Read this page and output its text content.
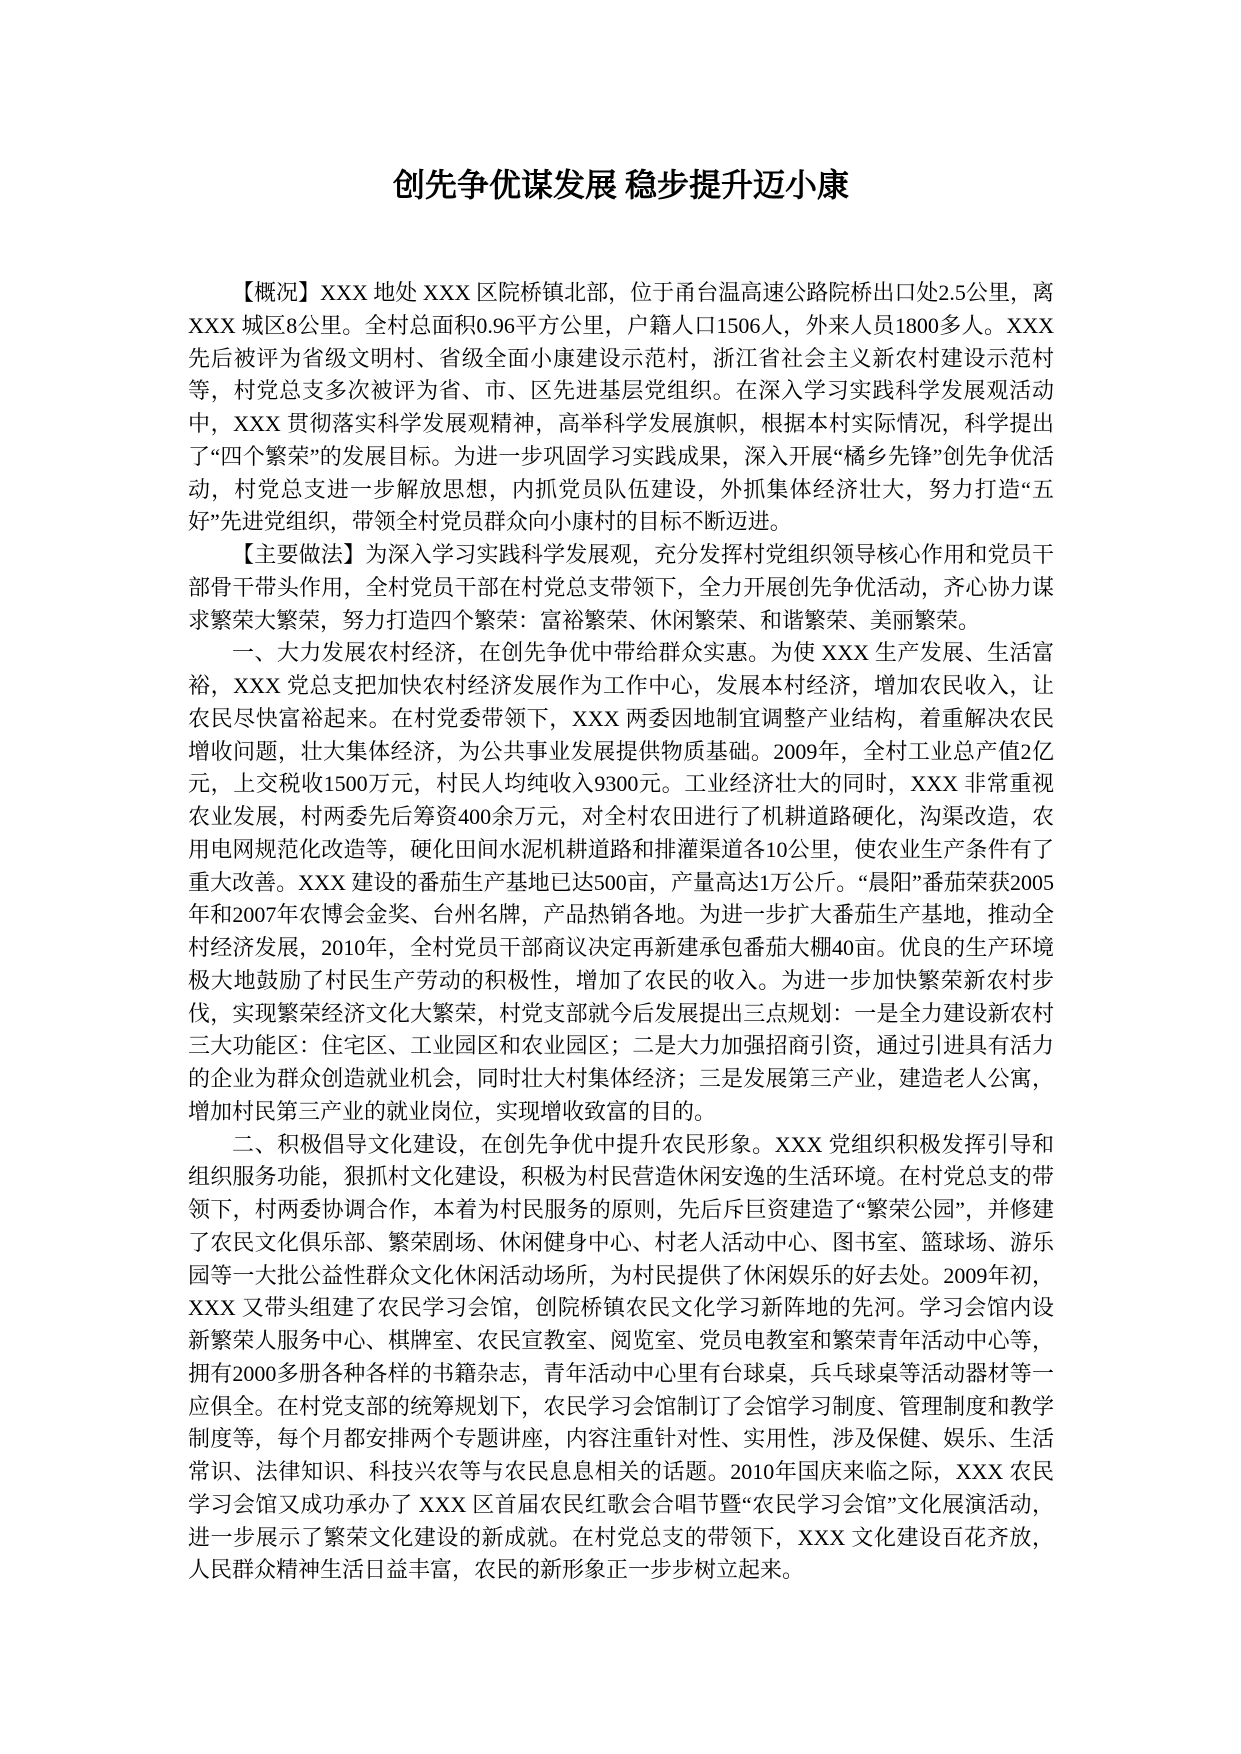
创先争优谋发展 稳步提升迈小康

【概况】XXX 地处 XXX 区院桥镇北部，位于甬台温高速公路院桥出口处2.5公里，离 XXX 城区8公里。全村总面积0.96平方公里，户籍人口1506人，外来人员1800多人。XXX 先后被评为省级文明村、省级全面小康建设示范村，浙江省社会主义新农村建设示范村等，村党总支多次被评为省、市、区先进基层党组织。在深入学习实践科学发展观活动中，XXX 贯彻落实科学发展观精神，高举科学发展旗帜，根据本村实际情况，科学提出了“四个繁荣”的发展目标。为进一步巩固学习实践成果，深入开展“橘乡先锋”创先争优活动，村党总支进一步解放思想，内抓党员队伍建设，外抓集体经济壮大，努力打造“五好”先进党组织，带领全村党员群众向小康村的目标不断迈进。

【主要做法】为深入学习实践科学发展观，充分发挥村党组织领导核心作用和党员干部骨干带头作用，全村党员干部在村党总支带领下，全力开展创先争优活动，齐心协力谋求繁荣大繁荣，努力打造四个繁荣：富裕繁荣、休闲繁荣、和谐繁荣、美丽繁荣。

一、大力发展农村经济，在创先争优中带给群众实惠。为使 XXX 生产发展、生活富裕，XXX 党总支把加快农村经济发展作为工作中心，发展本村经济，增加农民收入，让农民尽快富裕起来。在村党委带领下，XXX 两委因地制宜调整产业结构，着重解决农民增收问题，壮大集体经济，为公共事业发展提供物质基础。2009年，全村工业总产值2亿元，上交税收1500万元，村民人均纯收入9300元。工业经济壮大的同时，XXX 非常重视农业发展，村两委先后筹资400余万元，对全村农田进行了机耕道路硬化，沟渠改造，农用电网规范化改造等，硬化田间水泥机耕道路和排灌渠道各10公里，使农业生产条件有了重大改善。XXX 建设的番茄生产基地已达500亩，产量高达1万公斤。“晨阳”番茄荣获2005年和2007年农博会金奖、台州名牌，产品热销各地。为进一步扩大番茄生产基地，推动全村经济发展，2010年，全村党员干部商议决定再新建承包番茄大棚40亩。优良的生产环境极大地鼓励了村民生产劳动的积极性，增加了农民的收入。为进一步加快繁荣新农村步伐，实现繁荣经济文化大繁荣，村党支部就今后发展提出三点规划：一是全力建设新农村三大功能区：住宅区、工业园区和农业园区；二是大力加强招商引资，通过引进具有活力的企业为群众创造就业机会，同时壮大村集体经济；三是发展第三产业，建造老人公寓，增加村民第三产业的就业岗位，实现增收致富的目的。

二、积极倡导文化建设，在创先争优中提升农民形象。XXX 党组织积极发挥引导和组织服务功能，狠抓村文化建设，积极为村民营造休闲安逸的生活环境。在村党总支的带领下，村两委协调合作，本着为村民服务的原则，先后斥巨资建造了“繁荣公园”，并修建了农民文化俱乐部、繁荣剧场、休闲健身中心、村老人活动中心、图书室、篮球场、游乐园等一大批公益性群众文化休闲活动场所，为村民提供了休闲娱乐的好去处。2009年初，XXX 又带头组建了农民学习会馆，创院桥镇农民文化学习新阵地的先河。学习会馆内设新繁荣人服务中心、棋牌室、农民宣教室、阅览室、党员电教室和繁荣青年活动中心等，拥有2000多册各种各样的书籍杂志，青年活动中心里有台球桌，兵乓球桌等活动器材等一应俱全。在村党支部的统筹规划下，农民学习会馆制订了会馆学习制度、管理制度和教学制度等，每个月都安排两个专题讲座，内容注重针对性、实用性，涉及保健、娱乐、生活常识、法律知识、科技兴农等与农民息息相关的话题。2010年国庆来临之际，XXX 农民学习会馆又成功承办了 XXX 区首届农民红歌会合唱节暨“农民学习会馆”文化展演活动，进一步展示了繁荣文化建设的新成就。在村党总支的带领下，XXX 文化建设百花齐放，人民群众精神生活日益丰富，农民的新形象正一步步树立起来。
